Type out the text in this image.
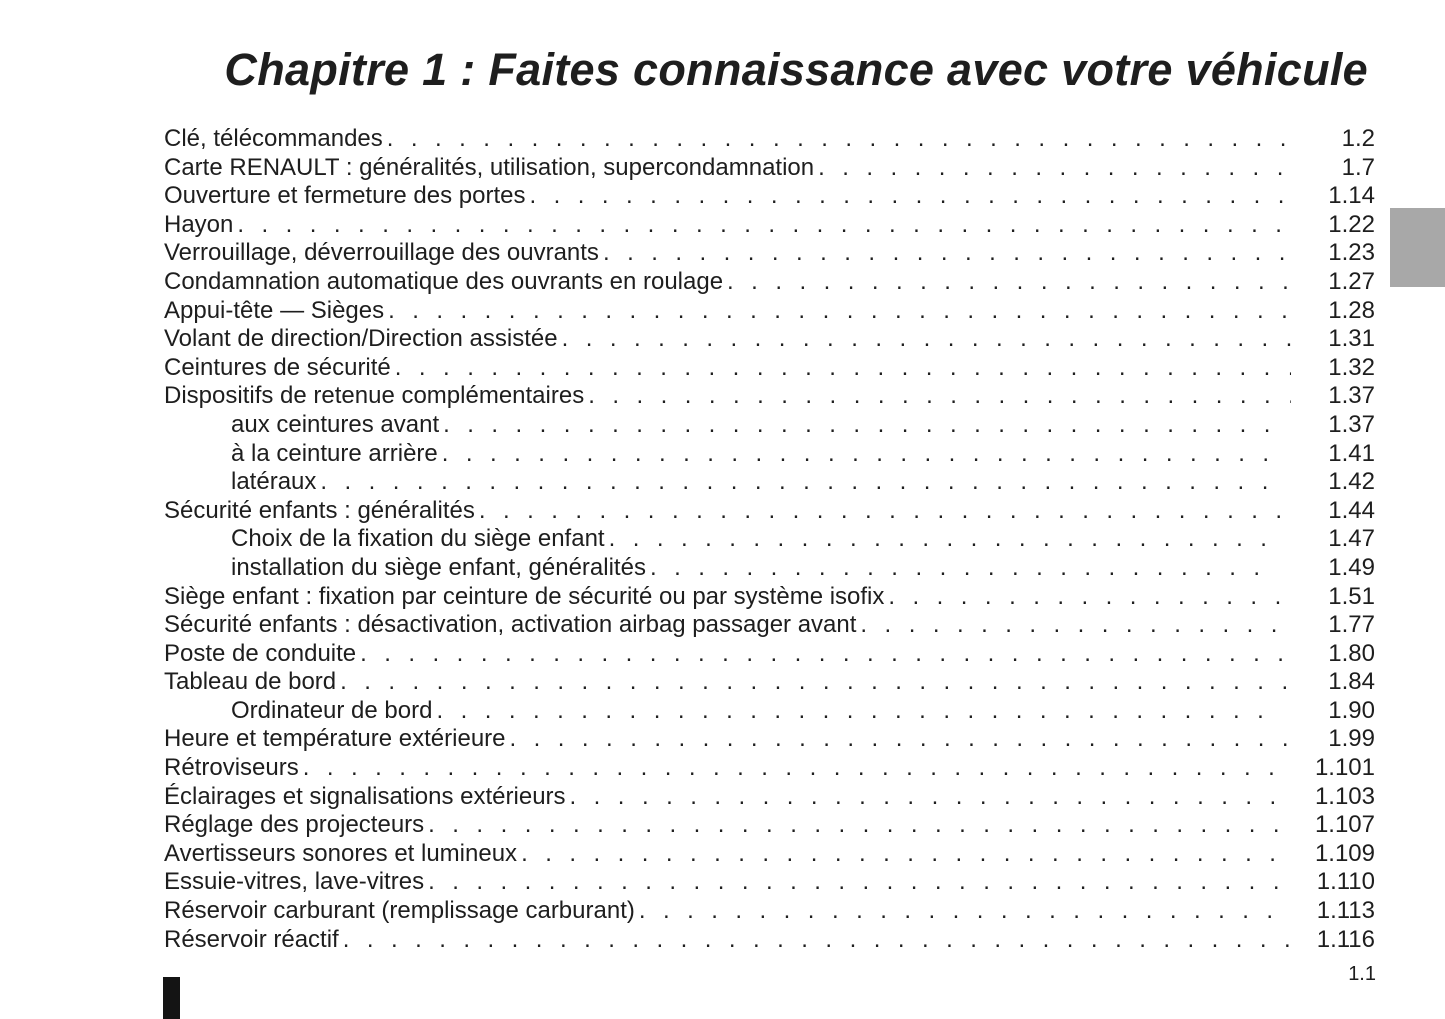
Chapitre 1 : Faites connaissance avec votre véhicule
Clé, télécommandes . . .	1.2
Carte RENAULT : généralités, utilisation, supercondamnation . . .	1.7
Ouverture et fermeture des portes . . .	1.14
Hayon . . .	1.22
Verrouillage, déverrouillage des ouvrants . . .	1.23
Condamnation automatique des ouvrants en roulage . . .	1.27
Appui-tête — Sièges . . .	1.28
Volant de direction/Direction assistée . . .	1.31
Ceintures de sécurité . . .	1.32
Dispositifs de retenue complémentaires . . .	1.37
aux ceintures avant . . .	1.37
à la ceinture arrière . . .	1.41
latéraux . . .	1.42
Sécurité enfants : généralités . . .	1.44
Choix de la fixation du siège enfant . . .	1.47
installation du siège enfant, généralités . . .	1.49
Siège enfant : fixation par ceinture de sécurité ou par système isofix . . .	1.51
Sécurité enfants : désactivation, activation airbag passager avant . . .	1.77
Poste de conduite . . .	1.80
Tableau de bord . . .	1.84
Ordinateur de bord . . .	1.90
Heure et température extérieure . . .	1.99
Rétroviseurs . . .	1.101
Éclairages et signalisations extérieurs . . .	1.103
Réglage des projecteurs . . .	1.107
Avertisseurs sonores et lumineux . . .	1.109
Essuie-vitres, lave-vitres . . .	1.110
Réservoir carburant (remplissage carburant) . . .	1.113
Réservoir réactif . . .	1.116
1.1
